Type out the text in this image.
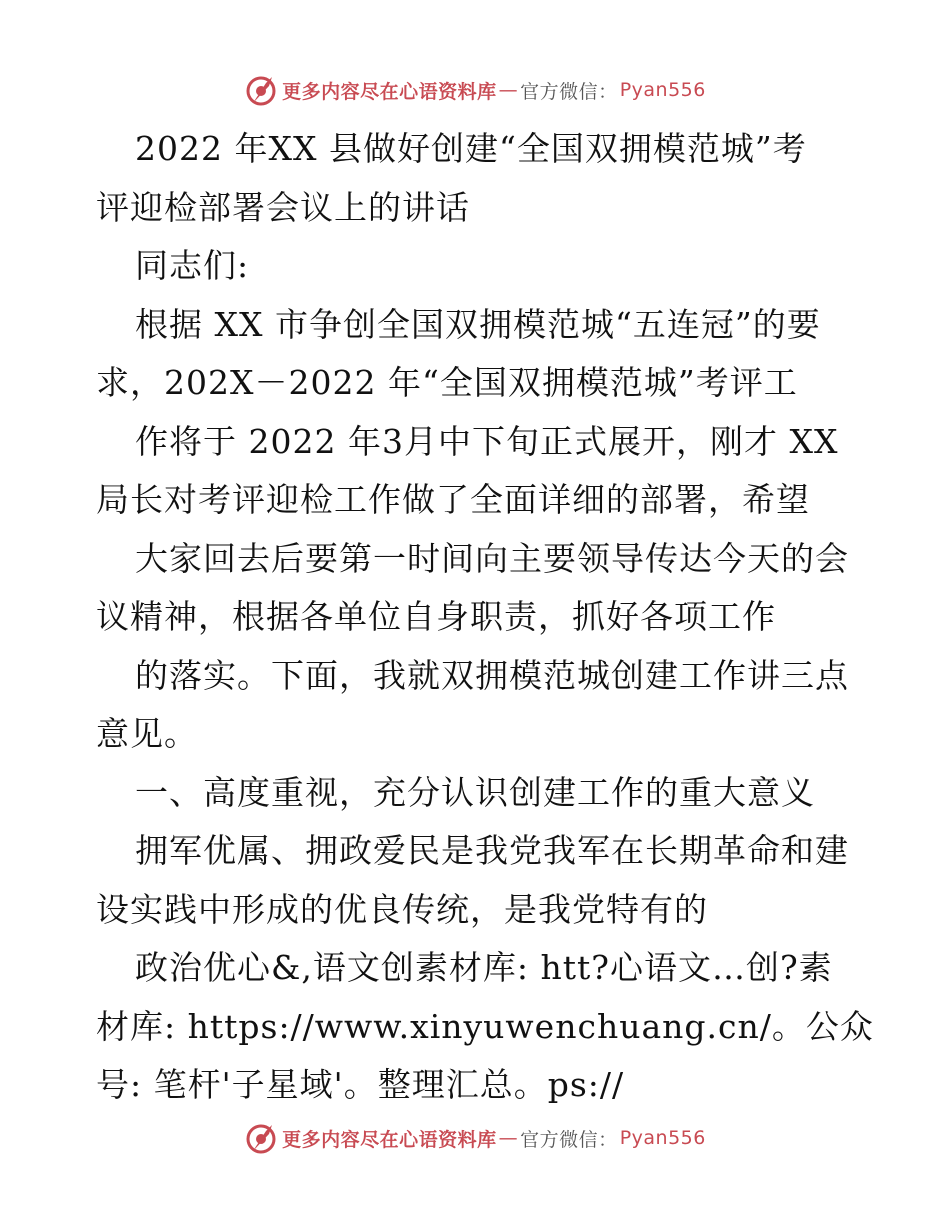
更多内容尽在心语资料库 — 官方微信： Pyan556
2022 年XX 县做好创建“全国双拥模范城”考
评迎检部署会议上的讲话
同志们:
根据 XX 市争创全国双拥模范城“五连冠”的要
求，202X－2022 年“全国双拥模范城”考评工
作将于 2022 年3月中下旬正式展开，刚才 XX
局长对考评迎检工作做了全面详细的部署，希望
大家回去后要第一时间向主要领导传达今天的会
议精神，根据各单位自身职责，抓好各项工作
的落实。下面，我就双拥模范城创建工作讲三点
意见。
一、高度重视，充分认识创建工作的重大意义
拥军优属、拥政爱民是我党我军在长期革命和建
设实践中形成的优良传统，是我党特有的
政治优心&,语文创素材库: htt?心语文…创?素
材库: https://www.xinyuwenchuang.cn/。公众
号: 笔杆'子星域'。整理汇总。ps://
更多内容尽在心语资料库 — 官方微信： Pyan556
